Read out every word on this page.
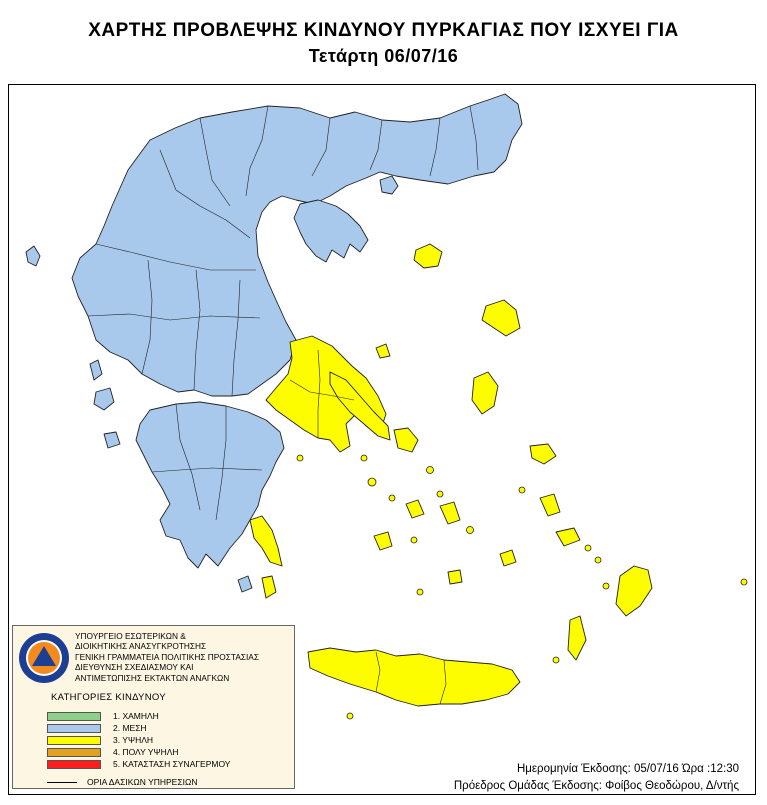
ΧΑΡΤΗΣ ΠΡΟΒΛΕΨΗΣ ΚΙΝΔΥΝΟΥ ΠΥΡΚΑΓΙΑΣ ΠΟΥ ΙΣΧΥΕΙ ΓΙΑ
Τετάρτη 06/07/16
ΥΠΟΥΡΓΕΙΟ ΕΣΩΤΕΡΙΚΩΝ &
ΔΙΟΙΚΗΤΙΚΗΣ ΑΝΑΣΥΓΚΡΟΤΗΣΗΣ
ΓΕΝΙΚΗ ΓΡΑΜΜΑΤΕΙΑ ΠΟΛΙΤΙΚΗΣ ΠΡΟΣΤΑΣΙΑΣ
ΔΙΕΥΘΥΝΣΗ ΣΧΕΔΙΑΣΜΟΥ ΚΑΙ
ΑΝΤΙΜΕΤΩΠΙΣΗΣ ΕΚΤΑΚΤΩΝ ΑΝΑΓΚΩΝ
ΚΑΤΗΓΟΡΙΕΣ ΚΙΝΔΥΝΟΥ
1. ΧΑΜΗΛΗ
2. ΜΕΣΗ
3. ΥΨΗΛΗ
4. ΠΟΛΥ ΥΨΗΛΗ
5. ΚΑΤΑΣΤΑΣΗ ΣΥΝΑΓΕΡΜΟΥ
ΟΡΙΑ ΔΑΣΙΚΩΝ ΥΠΗΡΕΣΙΩΝ
Ημερομηνία Έκδοσης: 05/07/16 Ώρα :12:30
Πρόεδρος Ομάδας Έκδοσης: Φοίβος Θεοδώρου, Δ/ντής
